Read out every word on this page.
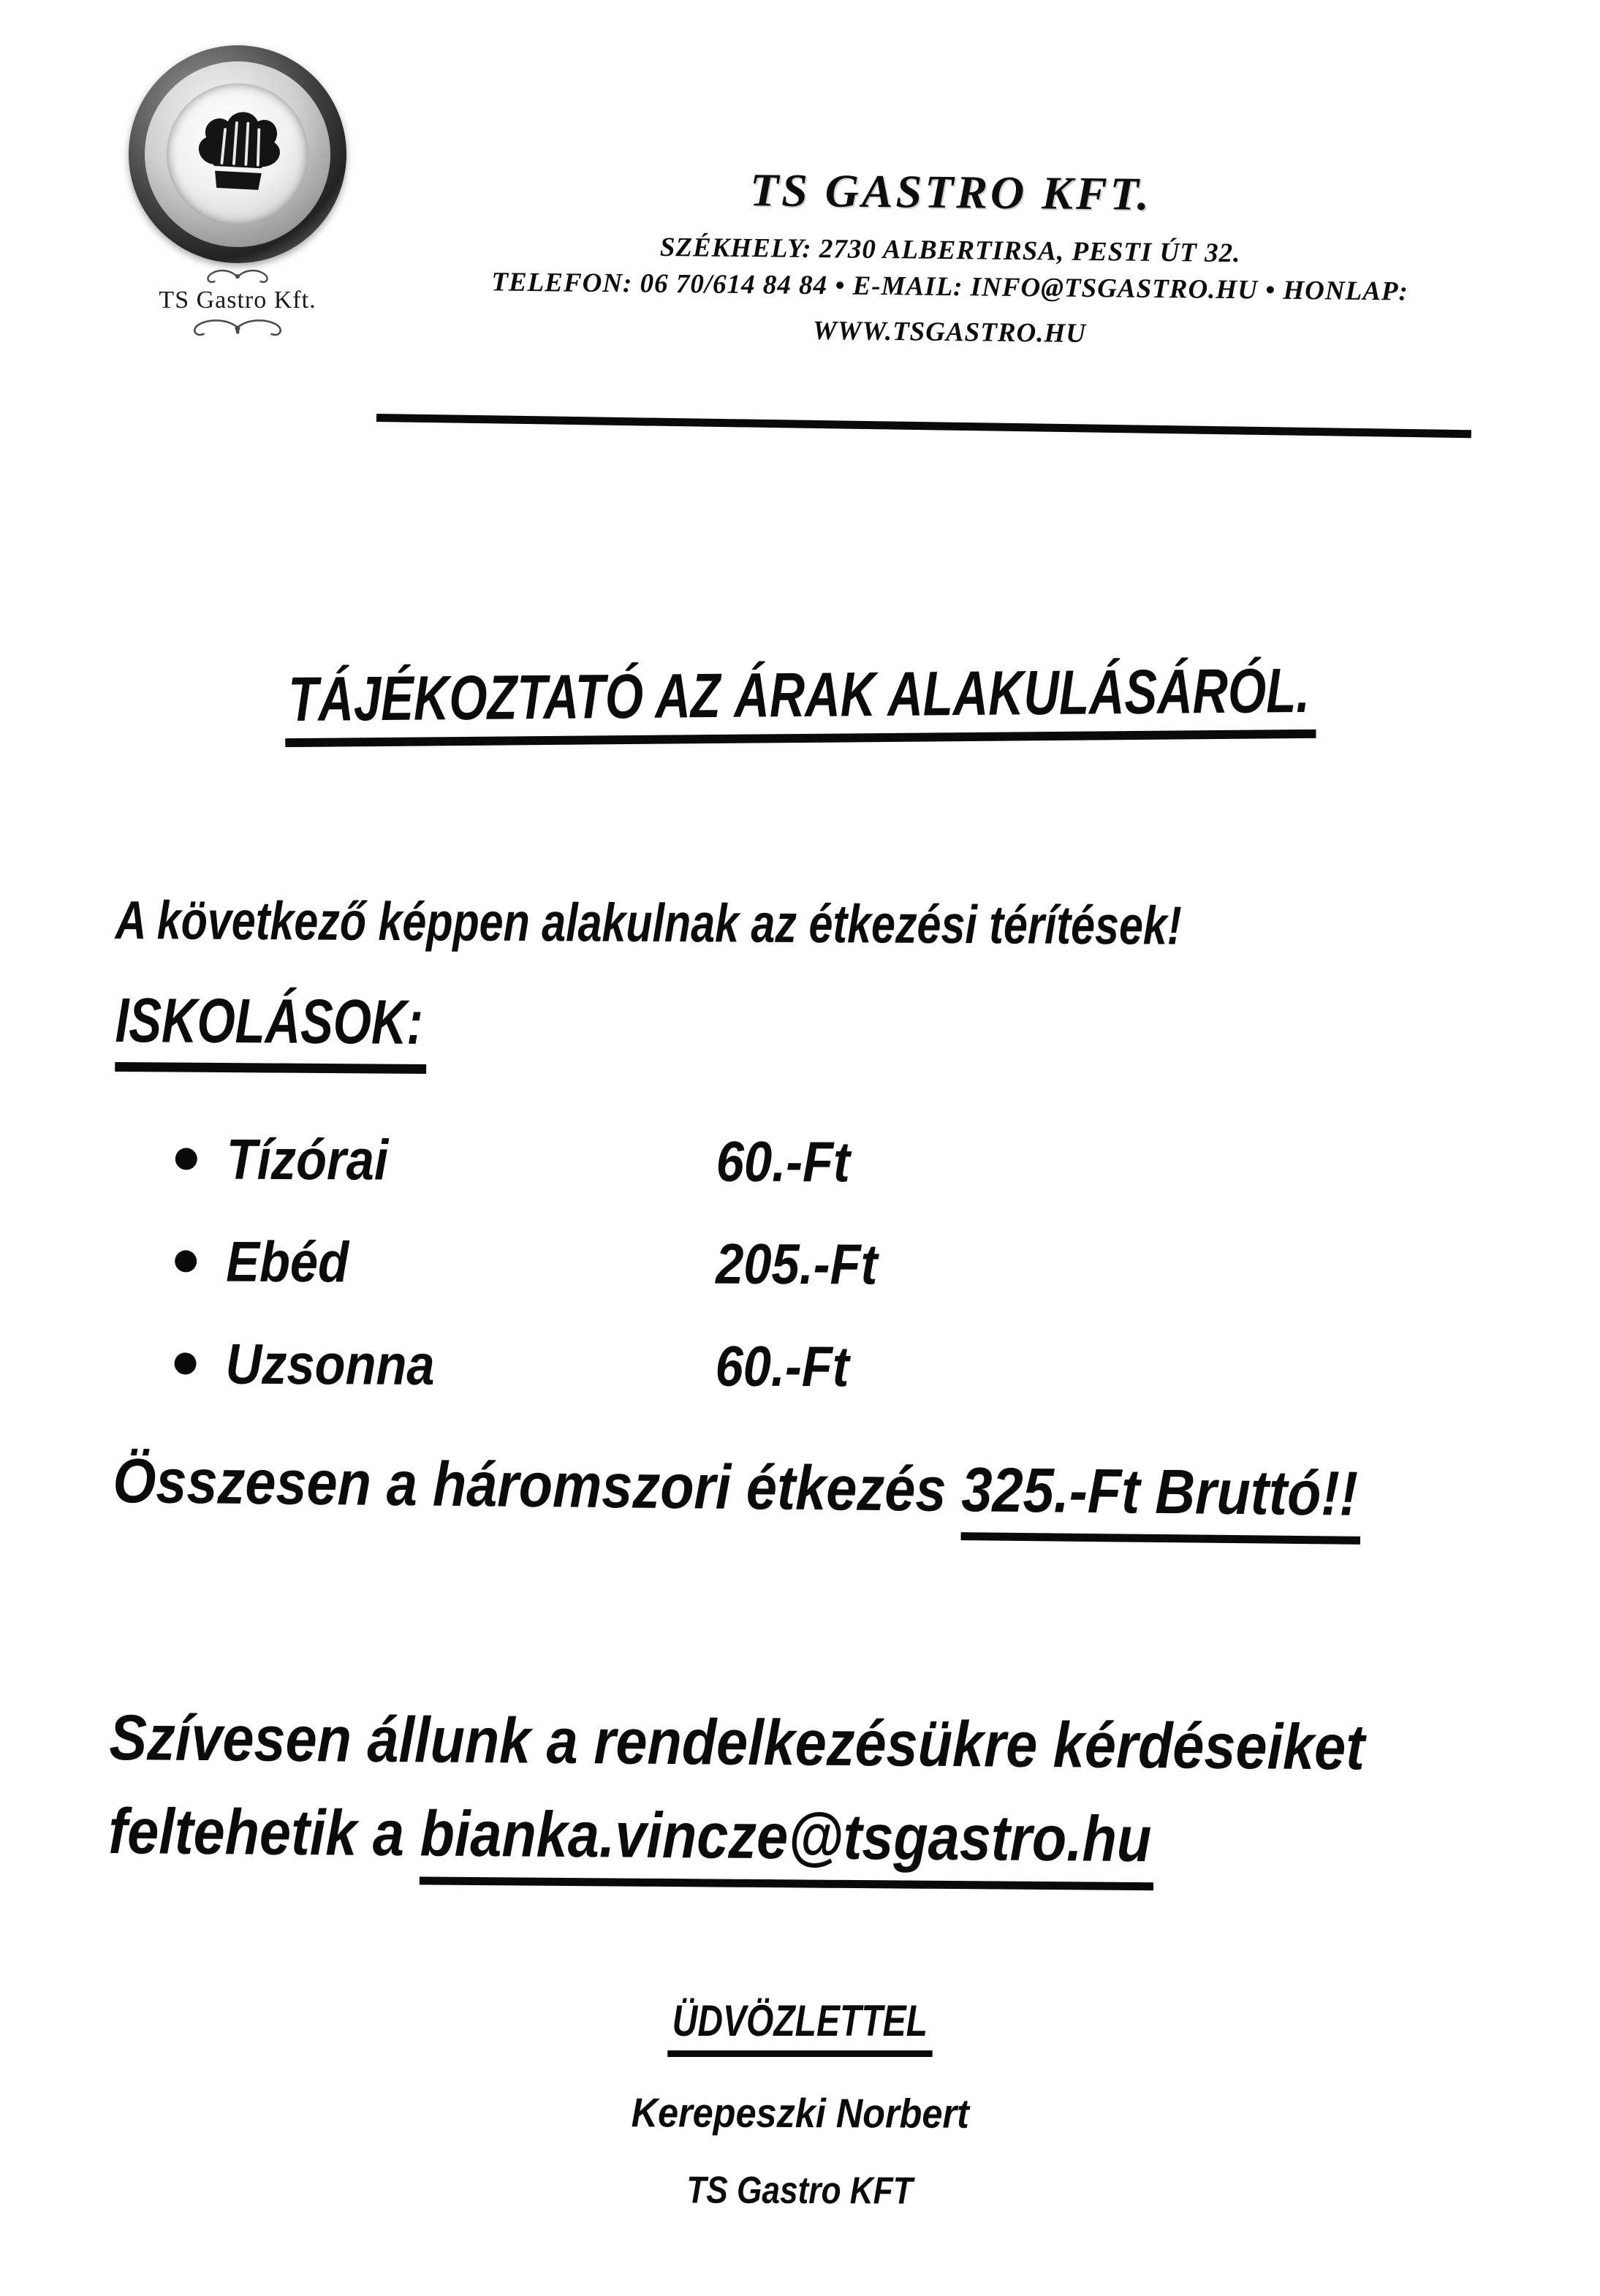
TS Gastro Kft.
TS GASTRO KFT.
SZÉKHELY: 2730 ALBERTIRSA, PESTI ÚT 32.
TELEFON: 06 70/614 84 84 • E-MAIL: INFO@TSGASTRO.HU • HONLAP:
WWW.TSGASTRO.HU
TÁJÉKOZTATÓ AZ ÁRAK ALAKULÁSÁRÓL.
A következő képpen alakulnak az étkezési térítések!
ISKOLÁSOK:
Tízórai	60.-Ft
Ebéd	205.-Ft
Uzsonna	60.-Ft
Összesen a háromszori étkezés 325.-Ft Bruttó!!
Szívesen állunk a rendelkezésükre kérdéseiket
feltehetik a bianka.vincze@tsgastro.hu
ÜDVÖZLETTEL
Kerepeszki Norbert
TS Gastro KFT
